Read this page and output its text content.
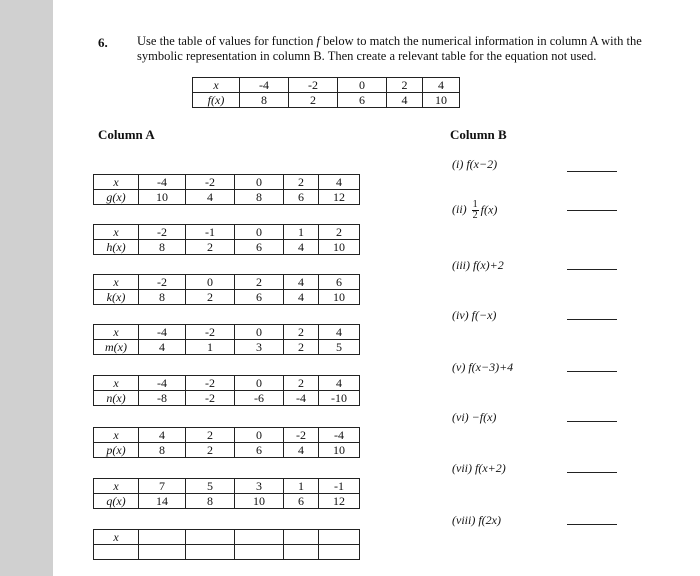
6. Use the table of values for function f below to match the numerical information in column A with the symbolic representation in column B. Then create a relevant table for the equation not used.
x	-4	-2	0	2	4
f(x)	8	2	6	4	10
Column A	Column B
x	-4	-2	0	2	4
g(x)	10	4	8	6	12
x	-2	-1	0	1	2
h(x)	8	2	6	4	10
x	-2	0	2	4	6
k(x)	8	2	6	4	10
x	-4	-2	0	2	4
m(x)	4	1	3	2	5
x	-4	-2	0	2	4
n(x)	-8	-2	-6	-4	-10
x	4	2	0	-2	-4
p(x)	8	2	6	4	10
x	7	5	3	1	-1
q(x)	14	8	10	6	12
x					

(i) f(x−2)
$(ii) \frac{1}{2} f(x)$
(iii) f(x)+2
(iv) f(−x)
(v) f(x−3)+4
(vi) −f(x)
(vii) f(x+2)
(viii) f(2x)
